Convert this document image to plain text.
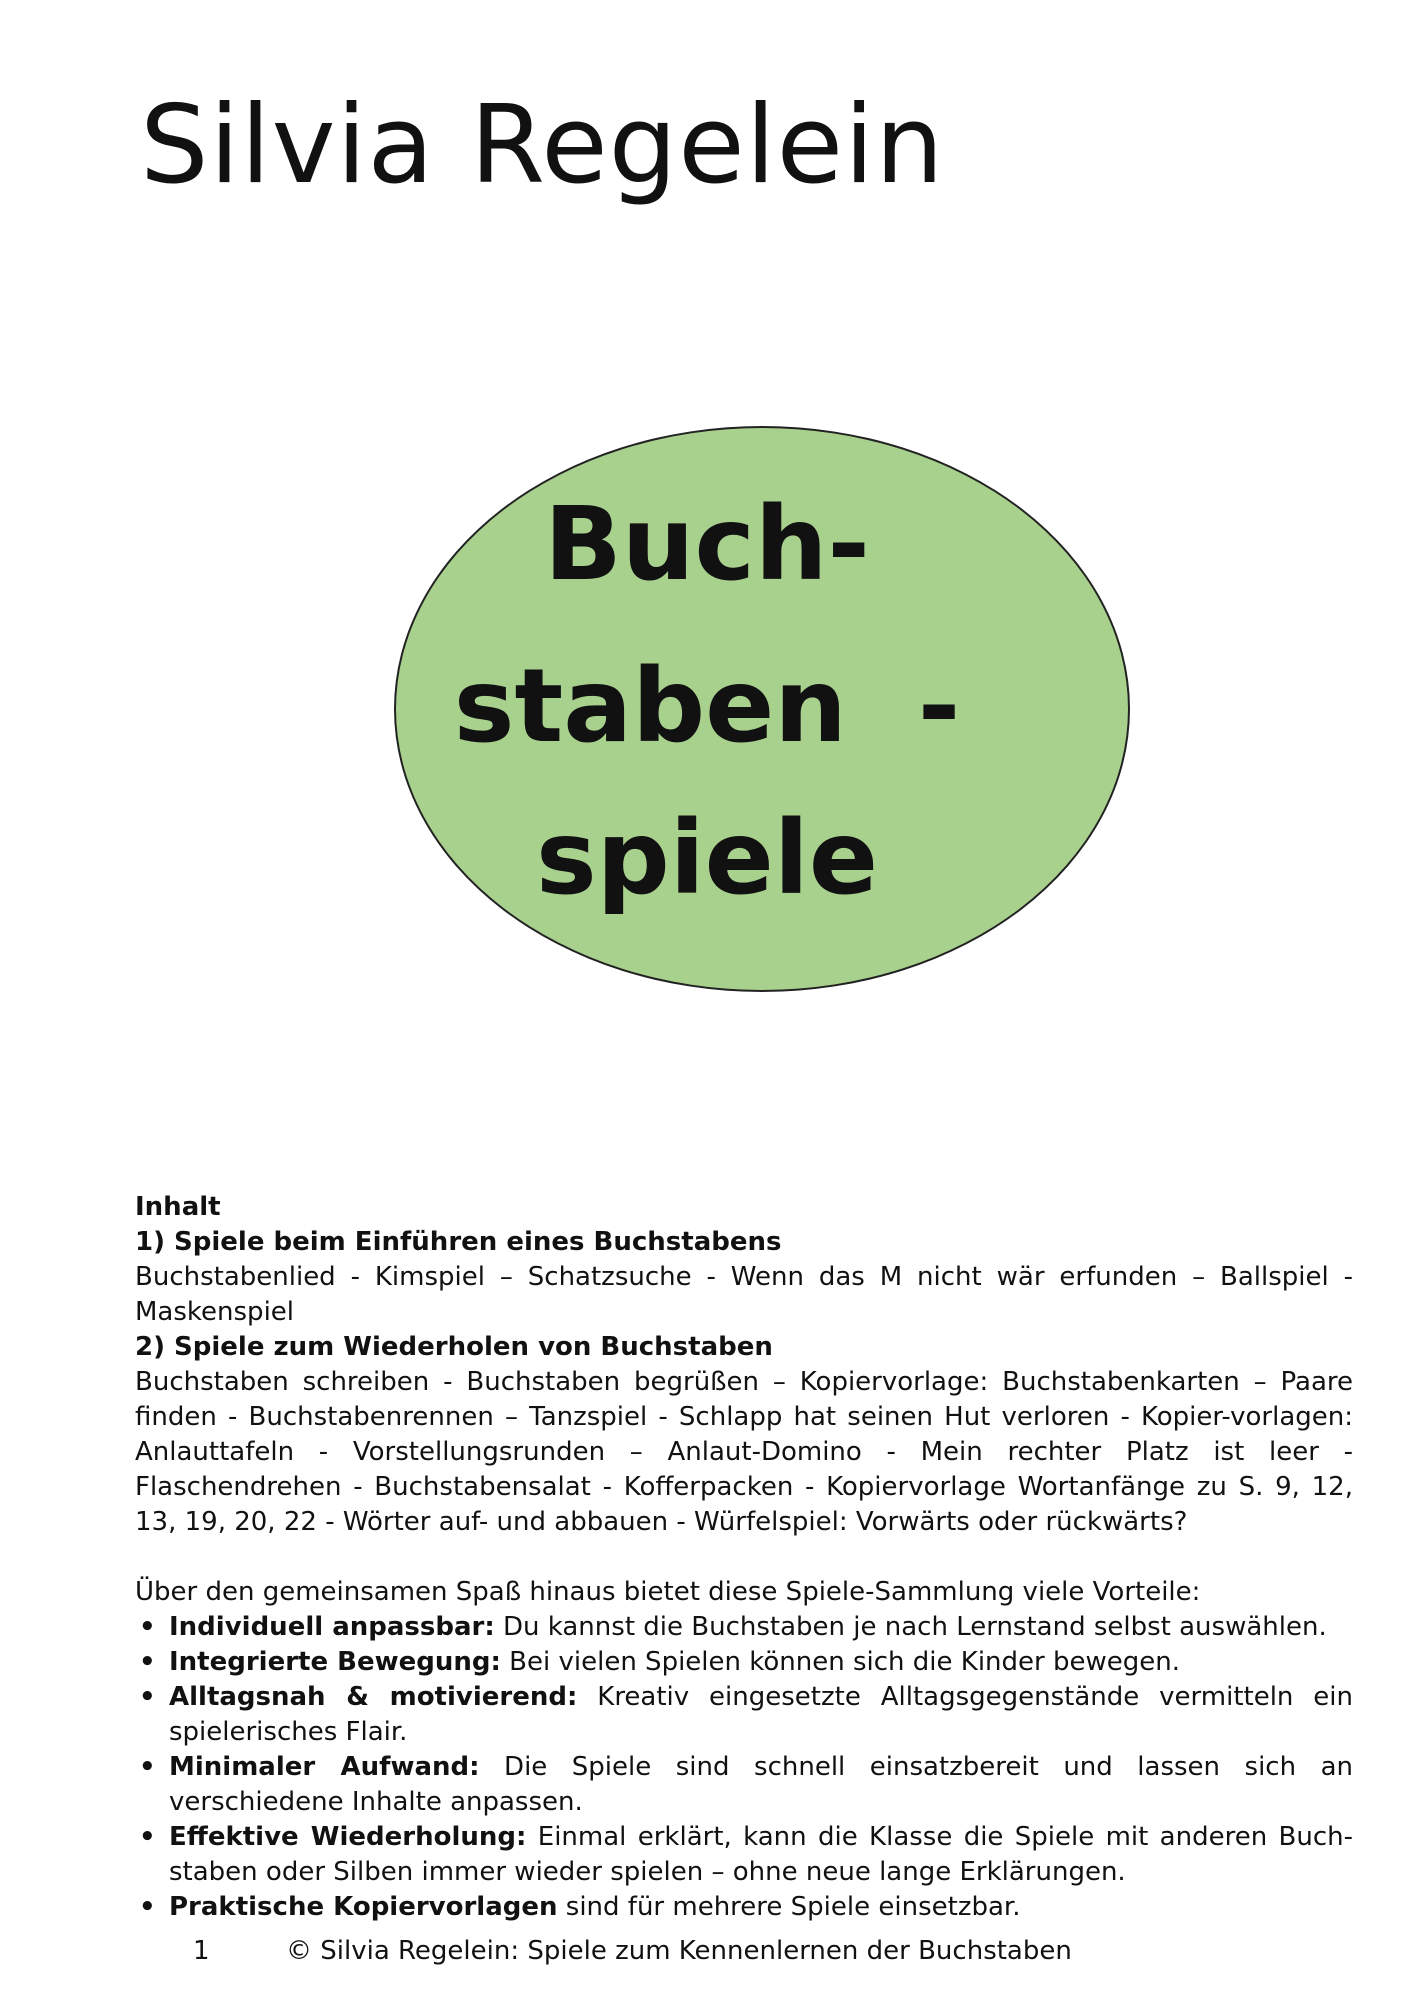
Silvia Regelein
Buch-
staben  -
spiele

Inhalt

1) Spiele beim Einführen eines Buchstabens

Buchstabenlied - Kimspiel – Schatzsuche - Wenn das M nicht wär erfunden – Ballspiel - Maskenspiel

2) Spiele zum Wiederholen von Buchstaben

Buchstaben schreiben - Buchstaben begrüßen – Kopiervorlage: Buchstabenkarten – Paare finden - Buchstabenrennen – Tanzspiel - Schlapp hat seinen Hut verloren - Kopier-vorlagen: Anlauttafeln - Vorstellungsrunden – Anlaut-Domino - Mein rechter Platz ist leer - Flaschendrehen - Buchstabensalat - Kofferpacken - Kopiervorlage Wortanfänge zu S. 9, 12, 13, 19, 20, 22 - Wörter auf- und abbauen - Würfelspiel: Vorwärts oder rückwärts?

Über den gemeinsamen Spaß hinaus bietet diese Spiele-Sammlung viele Vorteile:

• Individuell anpassbar: Du kannst die Buchstaben je nach Lernstand selbst auswählen.
• Integrierte Bewegung: Bei vielen Spielen können sich die Kinder bewegen.
• Alltagsnah & motivierend: Kreativ eingesetzte Alltagsgegenstände vermitteln ein spielerisches Flair.
• Minimaler Aufwand: Die Spiele sind schnell einsatzbereit und lassen sich an verschiedene Inhalte anpassen.
• Effektive Wiederholung: Einmal erklärt, kann die Klasse die Spiele mit anderen Buch-staben oder Silben immer wieder spielen – ohne neue lange Erklärungen.
• Praktische Kopiervorlagen sind für mehrere Spiele einsetzbar.
1	© Silvia Regelein: Spiele zum Kennenlernen der Buchstaben
